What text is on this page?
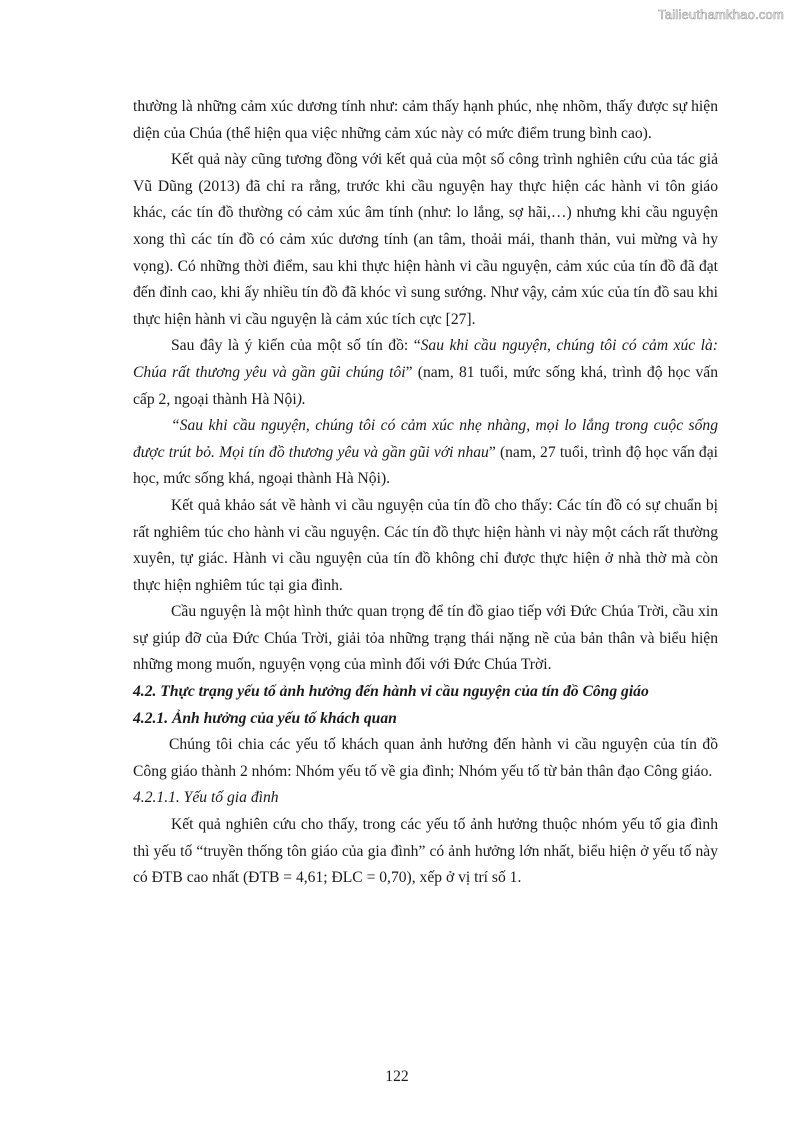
Tailieuthamkhao.com

thường là những cảm xúc dương tính như: cảm thấy hạnh phúc, nhẹ nhõm, thấy được sự hiện diện của Chúa (thể hiện qua việc những cảm xúc này có mức điểm trung bình cao).

Kết quả này cũng tương đồng với kết quả của một số công trình nghiên cứu của tác giả Vũ Dũng (2013) đã chỉ ra rằng, trước khi cầu nguyện hay thực hiện các hành vi tôn giáo khác, các tín đồ thường có cảm xúc âm tính (như: lo lắng, sợ hãi,…) nhưng khi cầu nguyện xong thì các tín đồ có cảm xúc dương tính (an tâm, thoải mái, thanh thản, vui mừng và hy vọng). Có những thời điểm, sau khi thực hiện hành vi cầu nguyện, cảm xúc của tín đồ đã đạt đến đỉnh cao, khi ấy nhiều tín đồ đã khóc vì sung sướng. Như vậy, cảm xúc của tín đồ sau khi thực hiện hành vi cầu nguyện là cảm xúc tích cực [27].

Sau đây là ý kiến của một số tín đồ: “Sau khi cầu nguyện, chúng tôi có cảm xúc là: Chúa rất thương yêu và gần gũi chúng tôi” (nam, 81 tuổi, mức sống khá, trình độ học vấn cấp 2, ngoại thành Hà Nội).

“Sau khi cầu nguyện, chúng tôi có cảm xúc nhẹ nhàng, mọi lo lắng trong cuộc sống được trút bỏ. Mọi tín đồ thương yêu và gần gũi với nhau” (nam, 27 tuổi, trình độ học vấn đại học, mức sống khá, ngoại thành Hà Nội).

Kết quả khảo sát về hành vi cầu nguyện của tín đồ cho thấy: Các tín đồ có sự chuẩn bị rất nghiêm túc cho hành vi cầu nguyện. Các tín đồ thực hiện hành vi này một cách rất thường xuyên, tự giác. Hành vi cầu nguyện của tín đồ không chỉ được thực hiện ở nhà thờ mà còn thực hiện nghiêm túc tại gia đình.

Cầu nguyện là một hình thức quan trọng để tín đồ giao tiếp với Đức Chúa Trời, cầu xin sự giúp đỡ của Đức Chúa Trời, giải tỏa những trạng thái nặng nề của bản thân và biểu hiện những mong muốn, nguyện vọng của mình đối với Đức Chúa Trời.

4.2. Thực trạng yếu tố ảnh hưởng đến hành vi cầu nguyện của tín đồ Công giáo

4.2.1. Ảnh hưởng của yếu tố khách quan

Chúng tôi chia các yếu tố khách quan ảnh hưởng đến hành vi cầu nguyện của tín đồ Công giáo thành 2 nhóm: Nhóm yếu tố về gia đình; Nhóm yếu tố từ bản thân đạo Công giáo.

4.2.1.1. Yếu tố gia đình

Kết quả nghiên cứu cho thấy, trong các yếu tố ảnh hưởng thuộc nhóm yếu tố gia đình thì yếu tố “truyền thống tôn giáo của gia đình” có ảnh hưởng lớn nhất, biểu hiện ở yếu tố này có ĐTB cao nhất (ĐTB = 4,61; ĐLC = 0,70), xếp ở vị trí số 1.

122
